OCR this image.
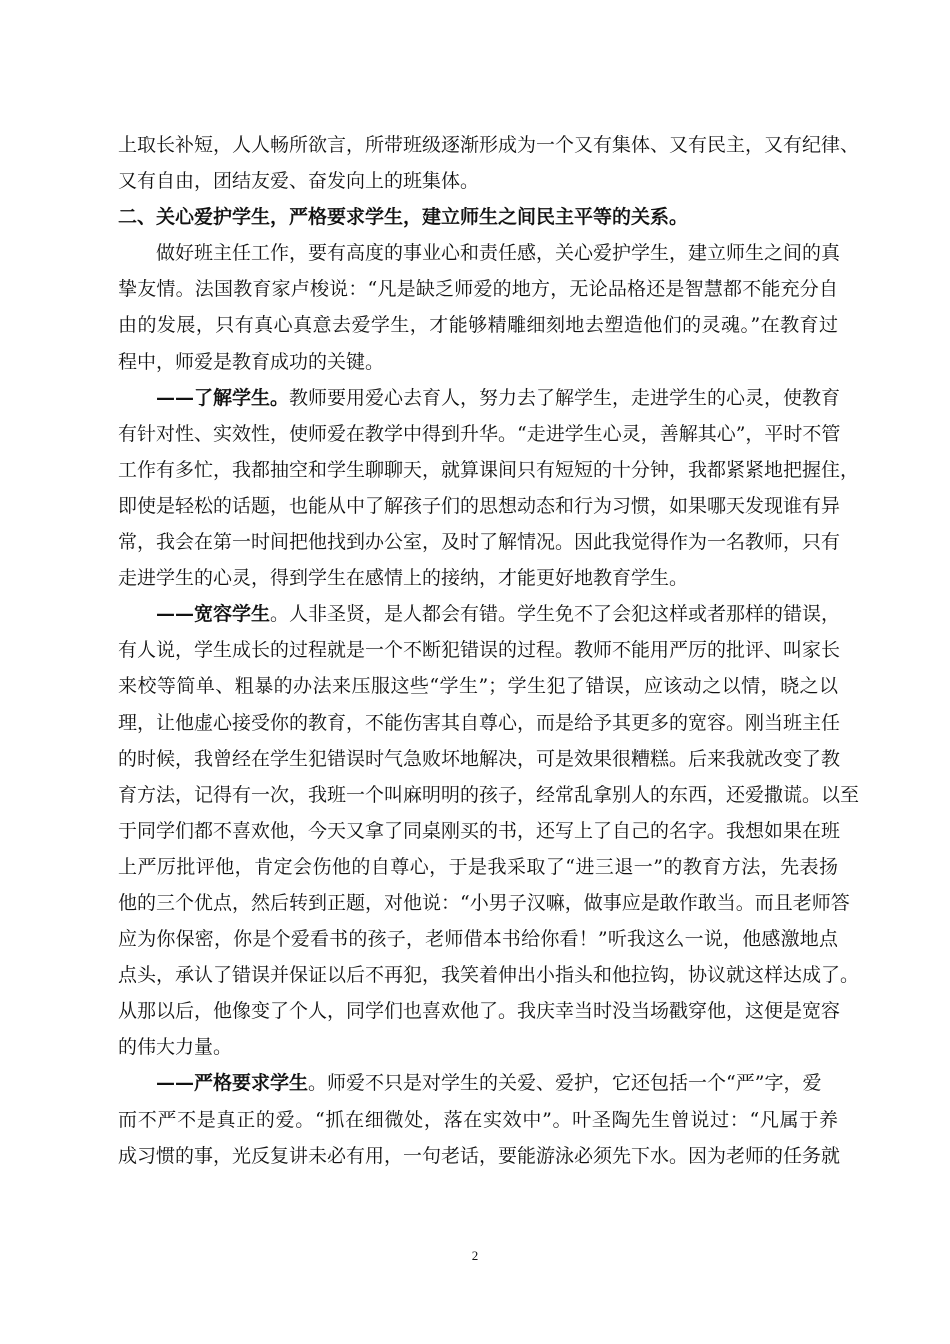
上取长补短，人人畅所欲言，所带班级逐渐形成为一个又有集体、又有民主，又有纪律、
又有自由，团结友爱、奋发向上的班集体。
二、关心爱护学生，严格要求学生，建立师生之间民主平等的关系。
做好班主任工作，要有高度的事业心和责任感，关心爱护学生，建立师生之间的真
挚友情。法国教育家卢梭说：“凡是缺乏师爱的地方，无论品格还是智慧都不能充分自
由的发展，只有真心真意去爱学生，才能够精雕细刻地去塑造他们的灵魂。”在教育过
程中，师爱是教育成功的关键。
——了解学生。教师要用爱心去育人，努力去了解学生，走进学生的心灵，使教育
有针对性、实效性，使师爱在教学中得到升华。“走进学生心灵，善解其心”，平时不管
工作有多忙，我都抽空和学生聊聊天，就算课间只有短短的十分钟，我都紧紧地把握住，
即使是轻松的话题，也能从中了解孩子们的思想动态和行为习惯，如果哪天发现谁有异
常，我会在第一时间把他找到办公室，及时了解情况。因此我觉得作为一名教师，只有
走进学生的心灵，得到学生在感情上的接纳，才能更好地教育学生。
——宽容学生。人非圣贤，是人都会有错。学生免不了会犯这样或者那样的错误，
有人说，学生成长的过程就是一个不断犯错误的过程。教师不能用严厉的批评、叫家长
来校等简单、粗暴的办法来压服这些“学生”；学生犯了错误，应该动之以情，晓之以
理，让他虚心接受你的教育，不能伤害其自尊心，而是给予其更多的宽容。刚当班主任
的时候，我曾经在学生犯错误时气急败坏地解决，可是效果很糟糕。后来我就改变了教
育方法，记得有一次，我班一个叫麻明明的孩子，经常乱拿别人的东西，还爱撒谎。以至
于同学们都不喜欢他，今天又拿了同桌刚买的书，还写上了自己的名字。我想如果在班
上严厉批评他，肯定会伤他的自尊心，于是我采取了“进三退一”的教育方法，先表扬
他的三个优点，然后转到正题，对他说：“小男子汉嘛，做事应是敢作敢当。而且老师答
应为你保密，你是个爱看书的孩子，老师借本书给你看！”听我这么一说，他感激地点
点头，承认了错误并保证以后不再犯，我笑着伸出小指头和他拉钩，协议就这样达成了。
从那以后，他像变了个人，同学们也喜欢他了。我庆幸当时没当场戳穿他，这便是宽容
的伟大力量。
——严格要求学生。师爱不只是对学生的关爱、爱护，它还包括一个“严”字，爱
而不严不是真正的爱。“抓在细微处，落在实效中”。叶圣陶先生曾说过：“凡属于养
成习惯的事，光反复讲未必有用，一句老话，要能游泳必须先下水。因为老师的任务就
2
